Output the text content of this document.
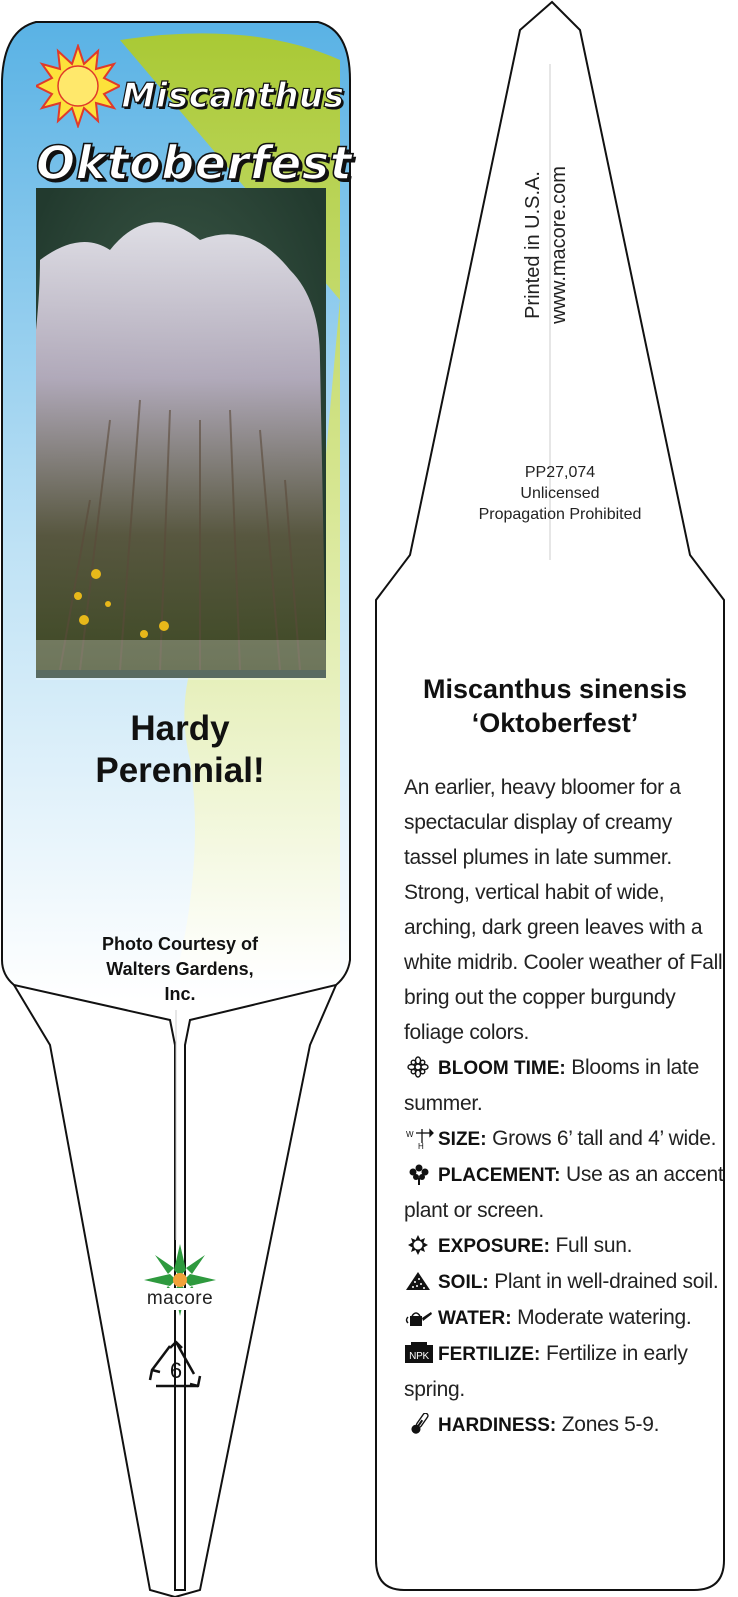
Miscanthus
Oktoberfest
Hardy
Perennial!
Photo Courtesy of
Walters Gardens,
Inc.
macore
6
Printed in U.S.A. www.macore.com
PP27,074
Unlicensed
Propagation Prohibited
Miscanthus sinensis
‘Oktoberfest’
An earlier, heavy bloomer for a spectacular display of creamy tassel plumes in late summer. Strong, vertical habit of wide, arching, dark green leaves with a white midrib. Cooler weather of Fall bring out the copper burgundy foliage colors.
BLOOM TIME: Blooms in late summer.
W
H SIZE: Grows 6’ tall and 4’ wide.
PLACEMENT: Use as an accent plant or screen.
EXPOSURE: Full sun.
SOIL: Plant in well-drained soil.
WATER: Moderate watering.
NPK FERTILIZE: Fertilize in early spring.
HARDINESS: Zones 5-9.
